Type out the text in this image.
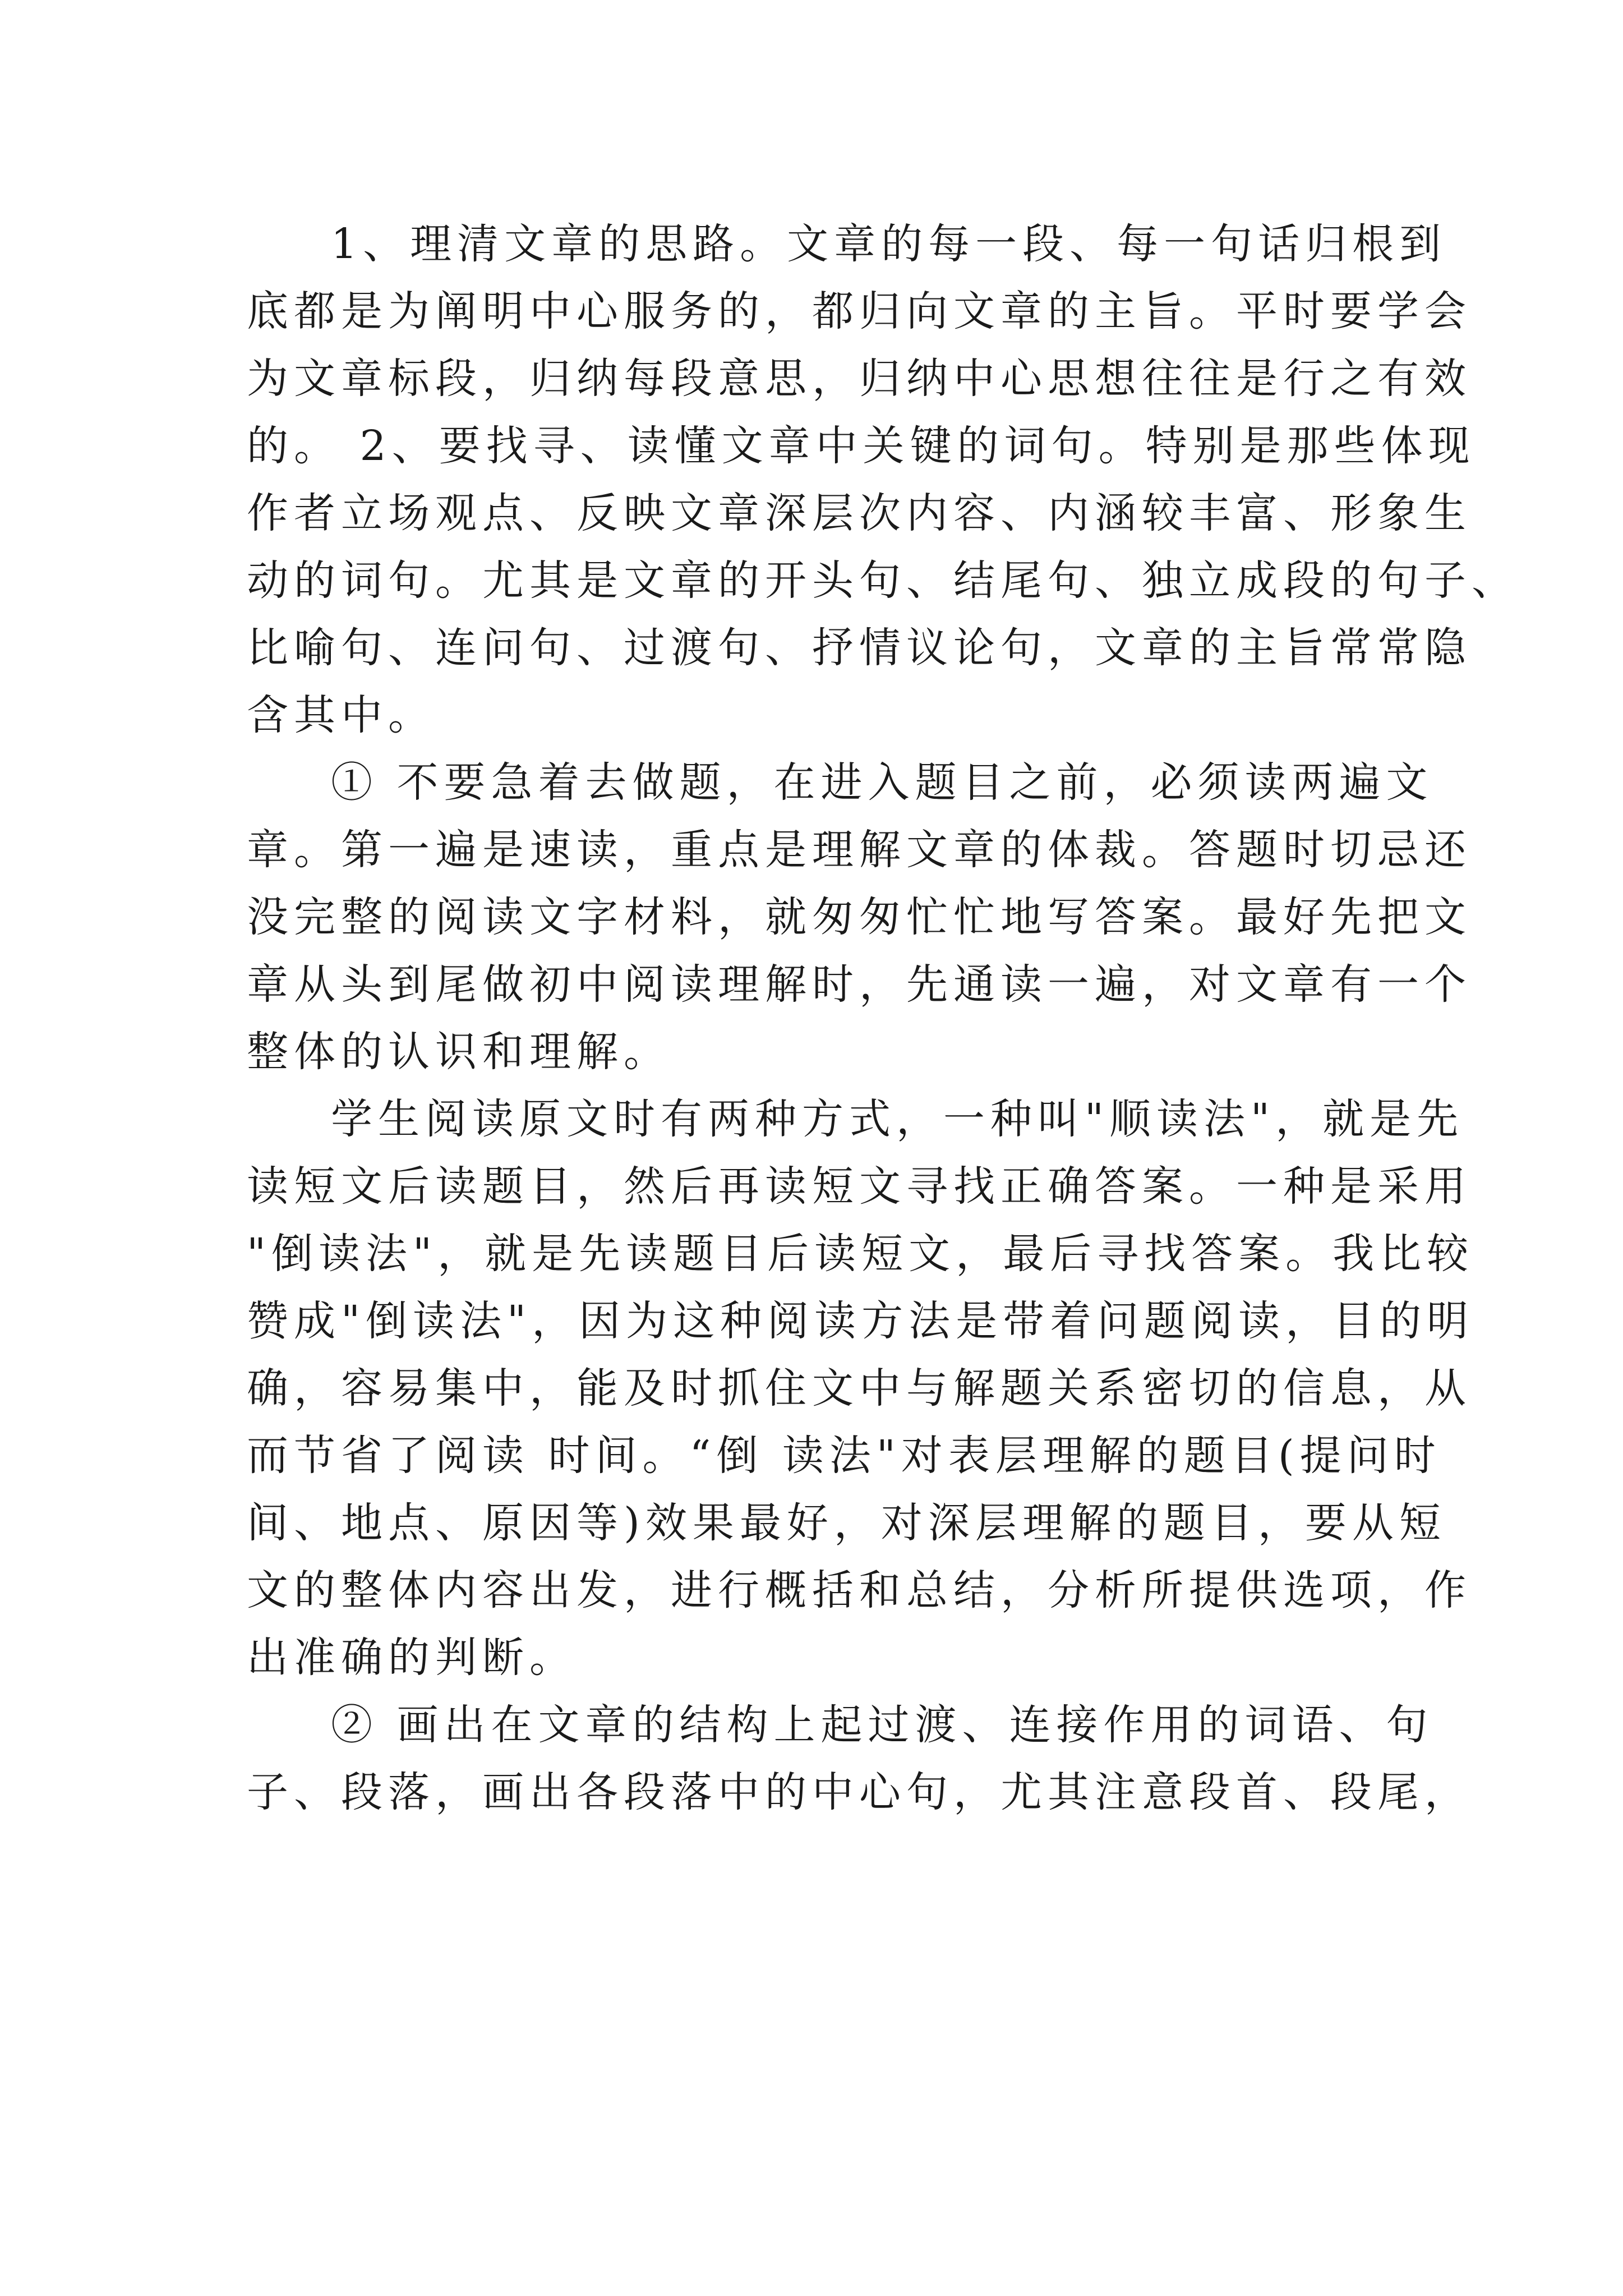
1、理清文章的思路。文章的每一段、每一句话归根到
底都是为阐明中心服务的，都归向文章的主旨。平时要学会
为文章标段，归纳每段意思，归纳中心思想往往是行之有效
的。 2、要找寻、读懂文章中关键的词句。特别是那些体现
作者立场观点、反映文章深层次内容、内涵较丰富、形象生
动的词句。尤其是文章的开头句、结尾句、独立成段的句子、
比喻句、连问句、过渡句、抒情议论句，文章的主旨常常隐
含其中。
① 不要急着去做题，在进入题目之前，必须读两遍文
章。第一遍是速读，重点是理解文章的体裁。答题时切忌还
没完整的阅读文字材料，就匆匆忙忙地写答案。最好先把文
章从头到尾做初中阅读理解时，先通读一遍，对文章有一个
整体的认识和理解。
学生阅读原文时有两种方式，一种叫"顺读法"，就是先
读短文后读题目，然后再读短文寻找正确答案。一种是采用
"倒读法"，就是先读题目后读短文，最后寻找答案。我比较
赞成"倒读法"，因为这种阅读方法是带着问题阅读，目的明
确，容易集中，能及时抓住文中与解题关系密切的信息，从
而节省了阅读 时间。“倒 读法"对表层理解的题目(提问时
间、地点、原因等)效果最好，对深层理解的题目，要从短
文的整体内容出发，进行概括和总结，分析所提供选项，作
出准确的判断。
② 画出在文章的结构上起过渡、连接作用的词语、句
子、段落，画出各段落中的中心句，尤其注意段首、段尾，
